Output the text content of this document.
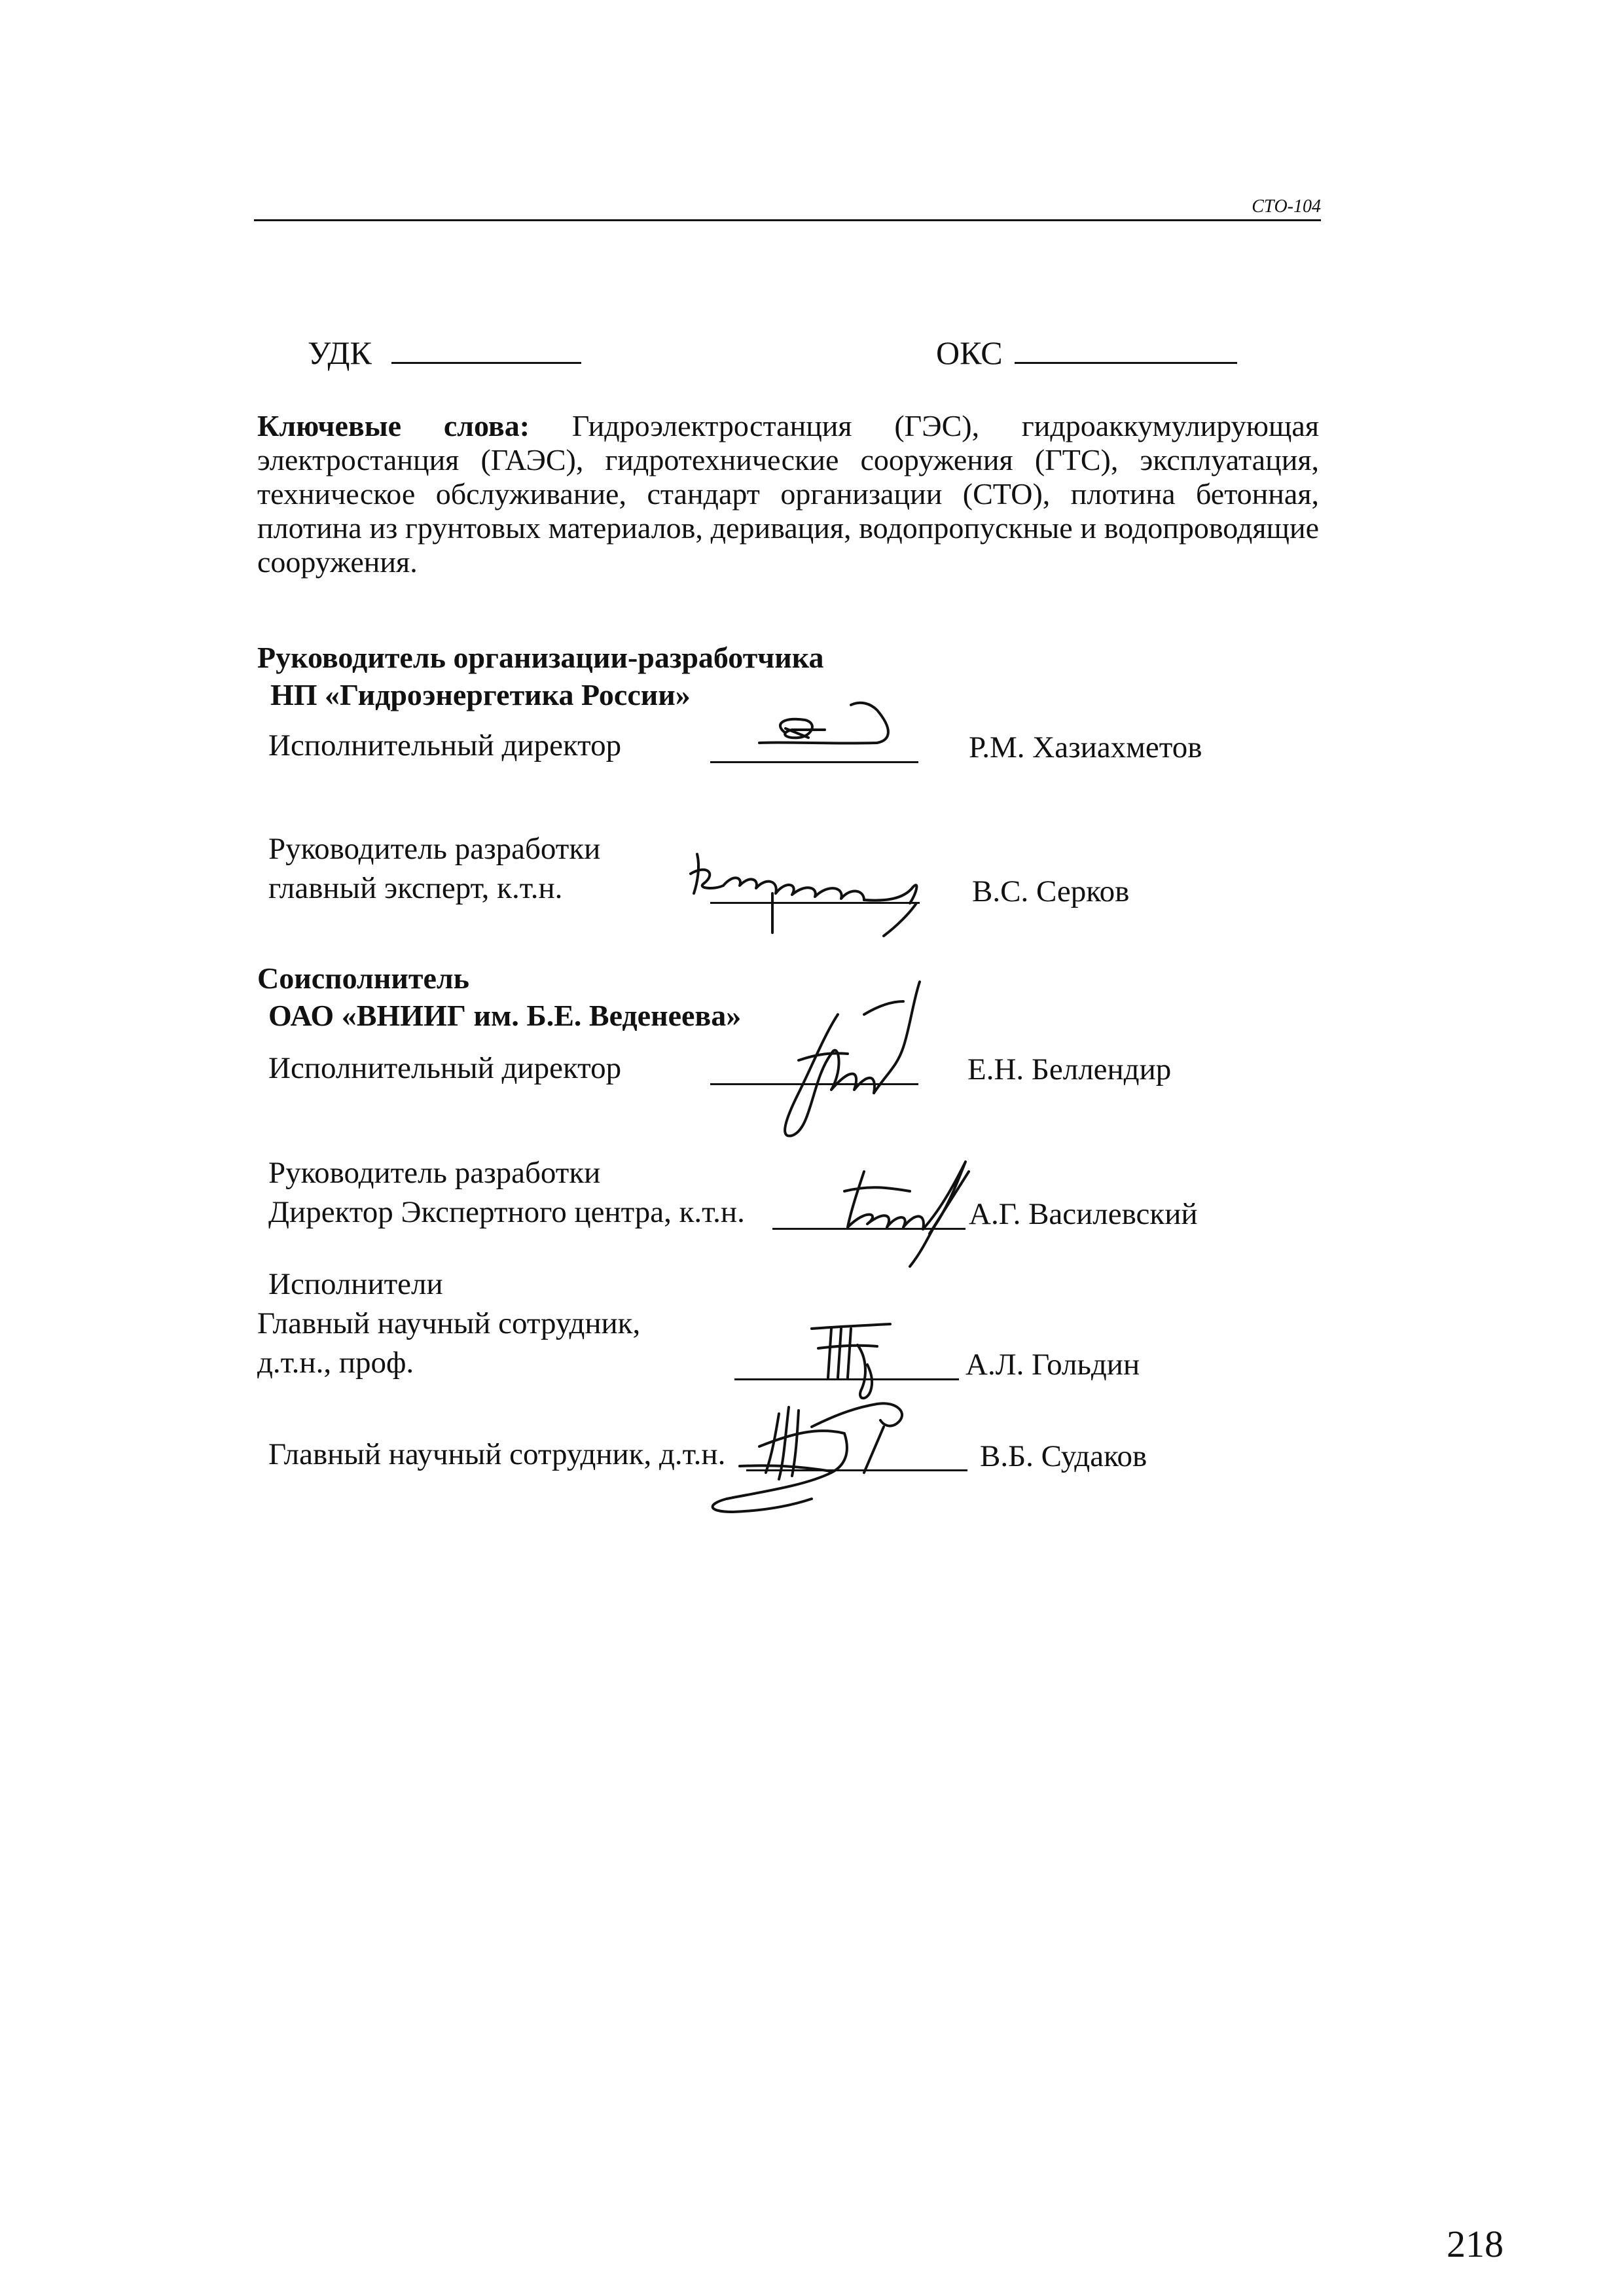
СТО-104
УДК	ОКС
Ключевые слова: Гидроэлектростанция (ГЭС), гидроаккумулирующая электростанция (ГАЭС), гидротехнические сооружения (ГТС), эксплуатация, техническое обслуживание, стандарт организации (СТО), плотина бетонная, плотина из грунтовых материалов, деривация, водопропускные и водопроводящие сооружения.
Руководитель организации-разработчика
НП «Гидроэнергетика России»
Исполнительный директор	Р.М. Хазиахметов
Руководитель разработки
главный эксперт, к.т.н.	В.С. Серков
Соисполнитель
ОАО «ВНИИГ им. Б.Е. Веденеева»
Исполнительный директор	Е.Н. Беллендир
Руководитель разработки
Директор Экспертного центра, к.т.н.	А.Г. Василевский
Исполнители
Главный научный сотрудник,
д.т.н., проф.	А.Л. Гольдин
Главный научный сотрудник, д.т.н.	В.Б. Судаков
218
